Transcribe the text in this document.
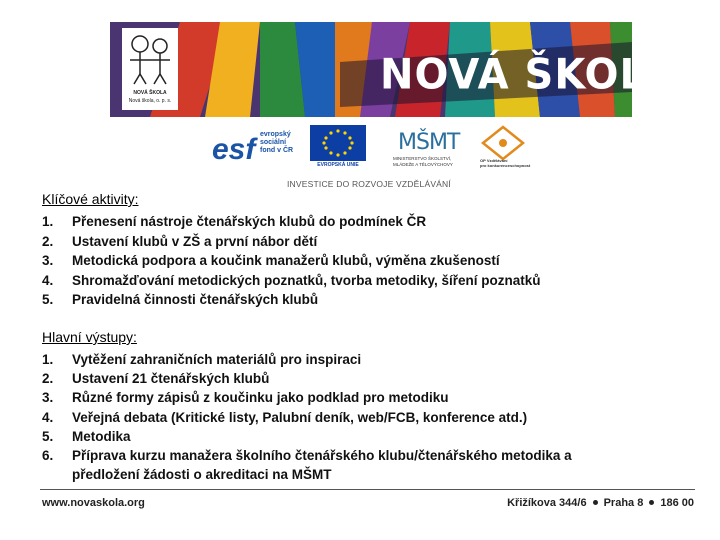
NOVÁ ŠKOLA
Nová škola, o. p. s.
NOVÁ ŠKOLA
esf evropský
sociální
fond v ČR
EVROPSKÁ UNIE
MŠMT
MINISTERSTVO ŠKOLSTVÍ,
MLÁDEŽE A TĚLOVÝCHOVY
OP Vzdělávání
pro konkurenceschopnost
INVESTICE DO ROZVOJE VZDĚLÁVÁNÍ
Klíčové aktivity:
1.	Přenesení nástroje čtenářských klubů do podmínek ČR
2.	Ustavení klubů v ZŠ a první nábor dětí
3.	Metodická podpora a koučink manažerů klubů, výměna zkušeností
4.	Shromažďování metodických poznatků, tvorba metodiky, šíření poznatků
5.	Pravidelná činnosti čtenářských klubů
Hlavní výstupy:
1.	Vytěžení zahraničních materiálů pro inspiraci
2.	Ustavení 21 čtenářských klubů
3.	Různé formy zápisů z koučinku jako podklad pro metodiku
4.	Veřejná debata (Kritické listy, Palubní deník, web/FCB, konference atd.)
5.	Metodika
6.	Příprava kurzu manažera školního čtenářského klubu/čtenářského metodika a předložení žádosti o akreditaci na MŠMT
www.novaskola.org	Křižíkova 344/6 Praha 8 186 00
